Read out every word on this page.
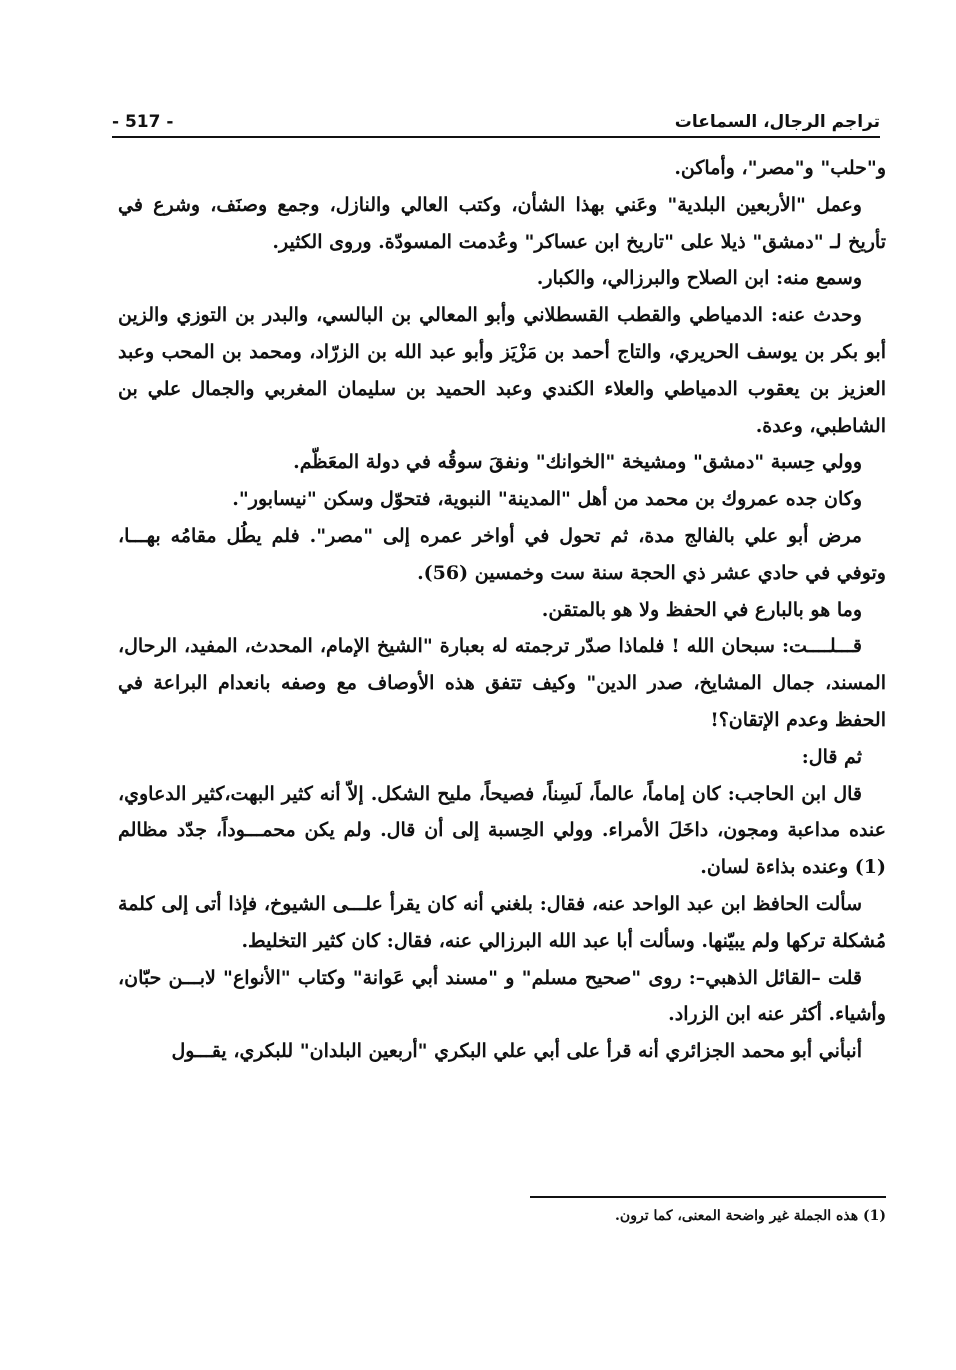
- 517 -	تراجم الرجال، السماعات

و"حلب" و"مصر"، وأماكن.

وعمل "الأربعين البلدية" وعَني بهذا الشأن، وكتب العالي والنازل، وجمع وصنَف، وشرع في تأريخ لـ "دمشق" ذيلا على "تاريخ ابن عساكر" وعُدمت المسودّة. وروى الكثير.

وسمع منه: ابن الصلاح والبرزالي، والكبار.

وحدث عنه: الدمياطي والقطب القسطلاني وأبو المعالي بن البالسي، والبدر بن التوزي والزين أبو بكر بن يوسف الحريري، والتاج أحمد بن مَزْيَز وأبو عبد الله بن الزرّاد، ومحمد بن المحب وعبد العزيز بن يعقوب الدمياطي والعلاء الكندي وعبد الحميد بن سليمان المغربي والجمال علي بن الشاطبي، وعدة.

وولي حِسبة "دمشق" ومشيخة "الخوانك" ونفقَ سوقُه في دولة المعَظّم.

وكان جده عمروك بن محمد من أهل "المدينة" النبوية، فتحوّل وسكن "نيسابور".

مرض أبو علي بالفالج مدة، ثم تحول في أواخر عمره إلى "مصر". فلم يطُل مقامُه بهـــا، وتوفي في حادي عشر ذي الحجة سنة ست وخمسين (56).

وما هو بالبارع في الحفظ ولا هو بالمتقن.

قـــلــــت: سبحان الله ! فلماذا صدّر ترجمته له بعبارة "الشيخ الإمام، المحدث، المفيد، الرحال، المسند، جمال المشايخ، صدر الدين" وكيف تتفق هذه الأوصاف مع وصفه بانعدام البراعة في الحفظ وعدم الإتقان؟!

ثم قال:

قال ابن الحاجب: كان إماماً، عالماً، لَسِناً، فصيحاً، مليح الشكل. إلاّ أنه كثير البهت،كثير الدعاوي، عنده مداعبة ومجون، داخَلَ الأمراء. وولي الحِسبة إلى أن قال. ولم يكن محمـــوداً، جدّد مظالم (1) وعنده بذاءة لسان.

سألت الحافظ ابن عبد الواحد عنه، فقال: بلغني أنه كان يقرأ علـــى الشيوخ، فإذا أتى إلى كلمة مُشكلة تركها ولم يبيّنها. وسألت أبا عبد الله البرزالي عنه، فقال: كان كثير التخليط.

قلت –القائل الذهبي–: روى "صحيح مسلم" و "مسند أبي عَوانة" وكتاب "الأنواع" لابـــن حبّان، وأشياء. أكثر عنه ابن الزراد.

أنبأني أبو محمد الجزائري أنه قرأ على أبي علي البكري "أربعين البلدان" للبكري، يقـــول

(1) هذه الجملة غير واضحة المعنى، كما ترون.
